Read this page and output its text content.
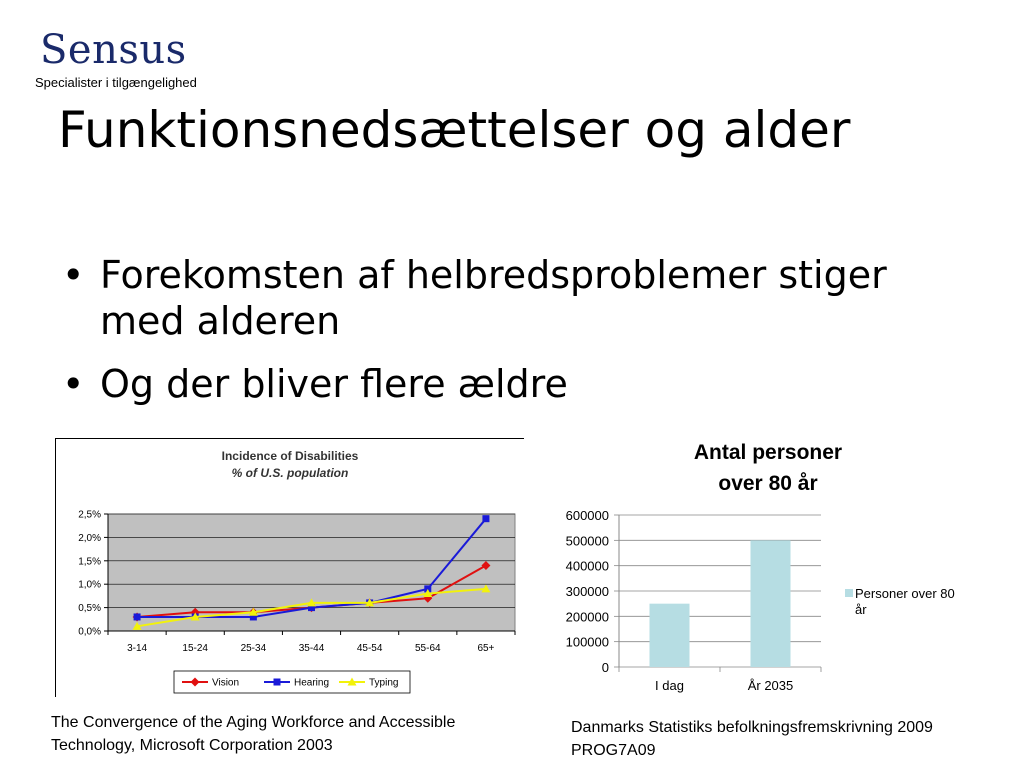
Sensus
Specialister i tilgængelighed
Funktionsnedsættelser og alder
• Forekomsten af helbredsproblemer stiger med alderen
• Og der bliver flere ældre
Incidence of Disabilities
% of U.S. population
0,0%
0,5%
1,0%
1,5%
2,0%
2,5%
3-14	15-24	25-34	35-44	45-54	55-64	65+
Vision	Hearing	Typing
Antal personer
over 80 år
0
100000
200000
300000
400000
500000
600000
I dag	År 2035
Personer over 80
år
The Convergence of the Aging Workforce and Accessible Technology, Microsoft Corporation 2003
Danmarks Statistiks befolkningsfremskrivning 2009 PROG7A09
